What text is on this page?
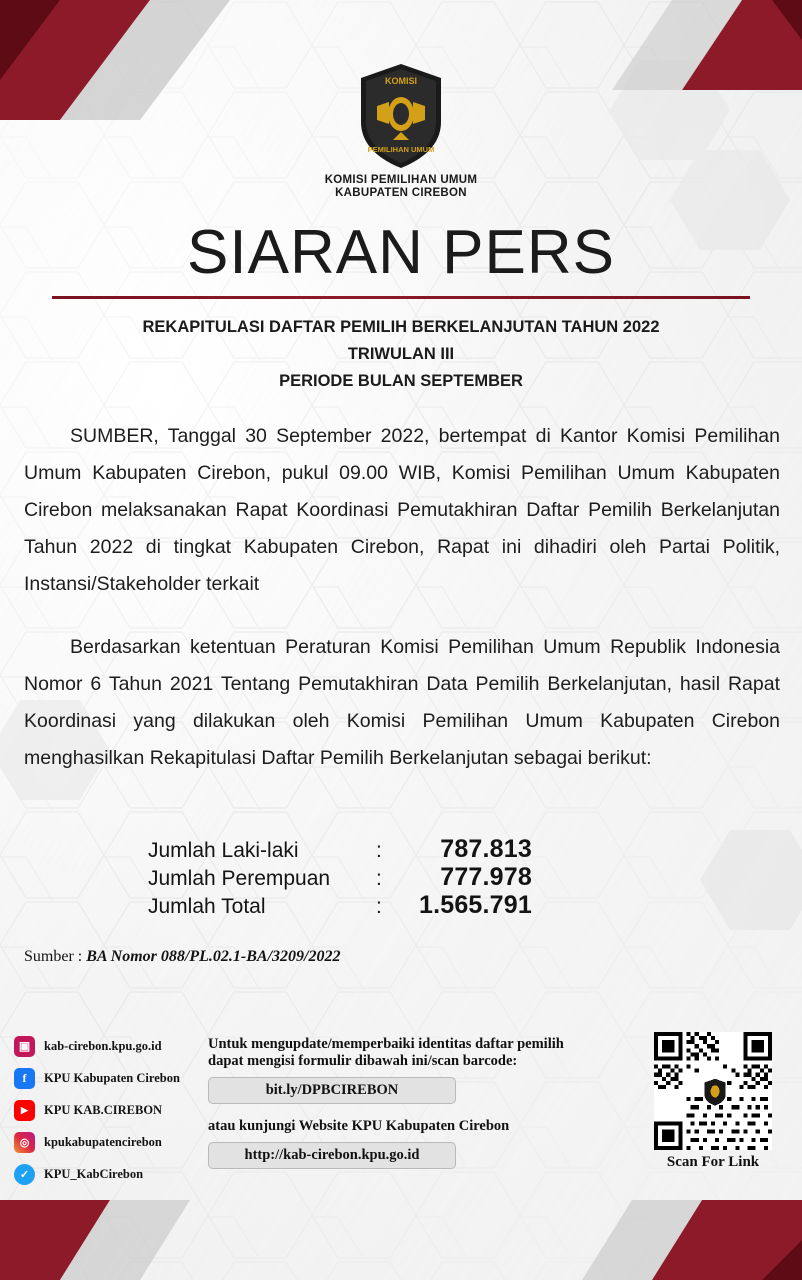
KOMISI
PEMILIHAN UMUM
KOMISI PEMILIHAN UMUM
KABUPATEN CIREBON
SIARAN PERS
REKAPITULASI DAFTAR PEMILIH BERKELANJUTAN TAHUN 2022
TRIWULAN III
PERIODE BULAN SEPTEMBER

SUMBER, Tanggal 30 September 2022, bertempat di Kantor Komisi Pemilihan Umum Kabupaten Cirebon, pukul 09.00 WIB, Komisi Pemilihan Umum Kabupaten Cirebon melaksanakan Rapat Koordinasi Pemutakhiran Daftar Pemilih Berkelanjutan Tahun 2022 di tingkat Kabupaten Cirebon, Rapat ini dihadiri oleh Partai Politik, Instansi/Stakeholder terkait

Berdasarkan ketentuan Peraturan Komisi Pemilihan Umum Republik Indonesia Nomor 6 Tahun 2021 Tentang Pemutakhiran Data Pemilih Berkelanjutan, hasil Rapat Koordinasi yang dilakukan oleh Komisi Pemilihan Umum Kabupaten Cirebon menghasilkan Rekapitulasi Daftar Pemilih Berkelanjutan sebagai berikut:

Jumlah Laki-laki	:	787.813
Jumlah Perempuan	:	777.978
Jumlah Total	:	1.565.791
Sumber : BA Nomor 088/PL.02.1-BA/3209/2022
▣	kab-cirebon.kpu.go.id
f	KPU Kabupaten Cirebon
▶	KPU KAB.CIREBON
◎	kpukabupatencirebon
✓	KPU_KabCirebon
Untuk mengupdate/memperbaiki identitas daftar pemilih
dapat mengisi formulir dibawah ini/scan barcode:
bit.ly/DPBCIREBON
atau kunjungi Website KPU Kabupaten Cirebon
http://kab-cirebon.kpu.go.id	Scan For Link
